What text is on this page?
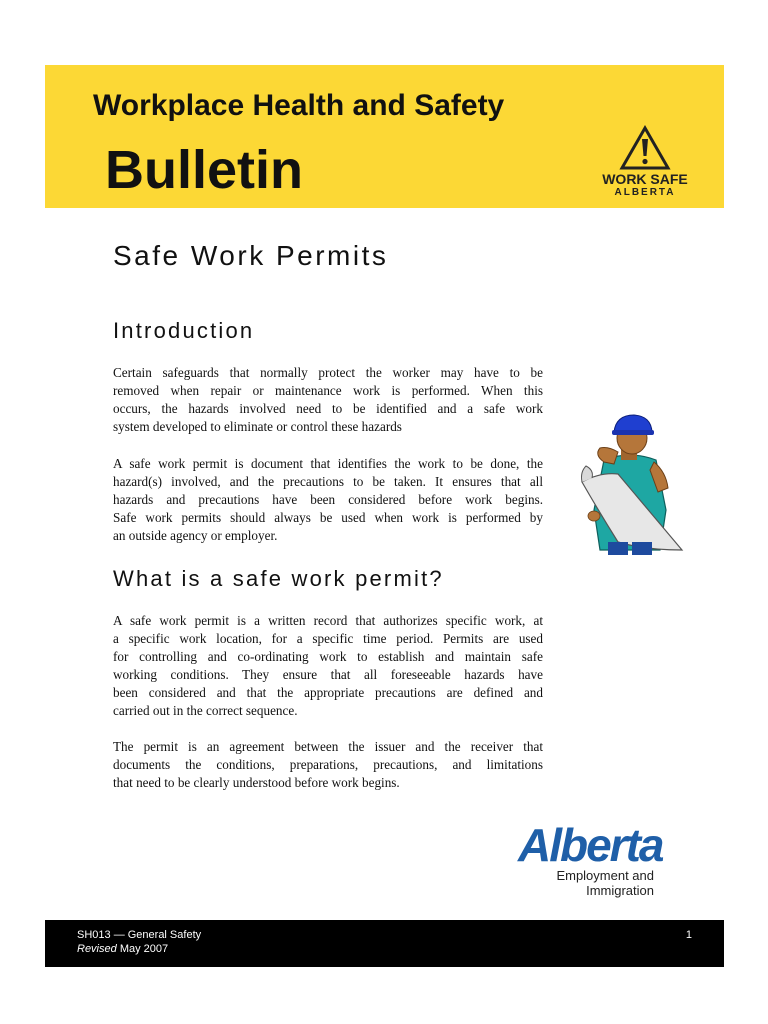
Workplace Health and Safety
Bulletin	WORK SAFE
ALBERTA
Safe Work Permits
Introduction

Certain safeguards that normally protect the worker may have to be
removed when repair or maintenance work is performed. When this
occurs, the hazards involved need to be identified and a safe work
system developed to eliminate or control these hazards

A safe work permit is document that identifies the work to be done, the
hazard(s) involved, and the precautions to be taken. It ensures that all
hazards and precautions have been considered before work begins.
Safe work permits should always be used when work is performed by
an outside agency or employer.

What is a safe work permit?

A safe work permit is a written record that authorizes specific work, at
a specific work location, for a specific time period. Permits are used
for controlling and co-ordinating work to establish and maintain safe
working conditions. They ensure that all foreseeable hazards have
been considered and that the appropriate precautions are defined and
carried out in the correct sequence.

The permit is an agreement between the issuer and the receiver that
documents the conditions, preparations, precautions, and limitations
that need to be clearly understood before work begins.

Alberta
Employment and
Immigration
SH013 — General Safety
Revised May 2007
1
